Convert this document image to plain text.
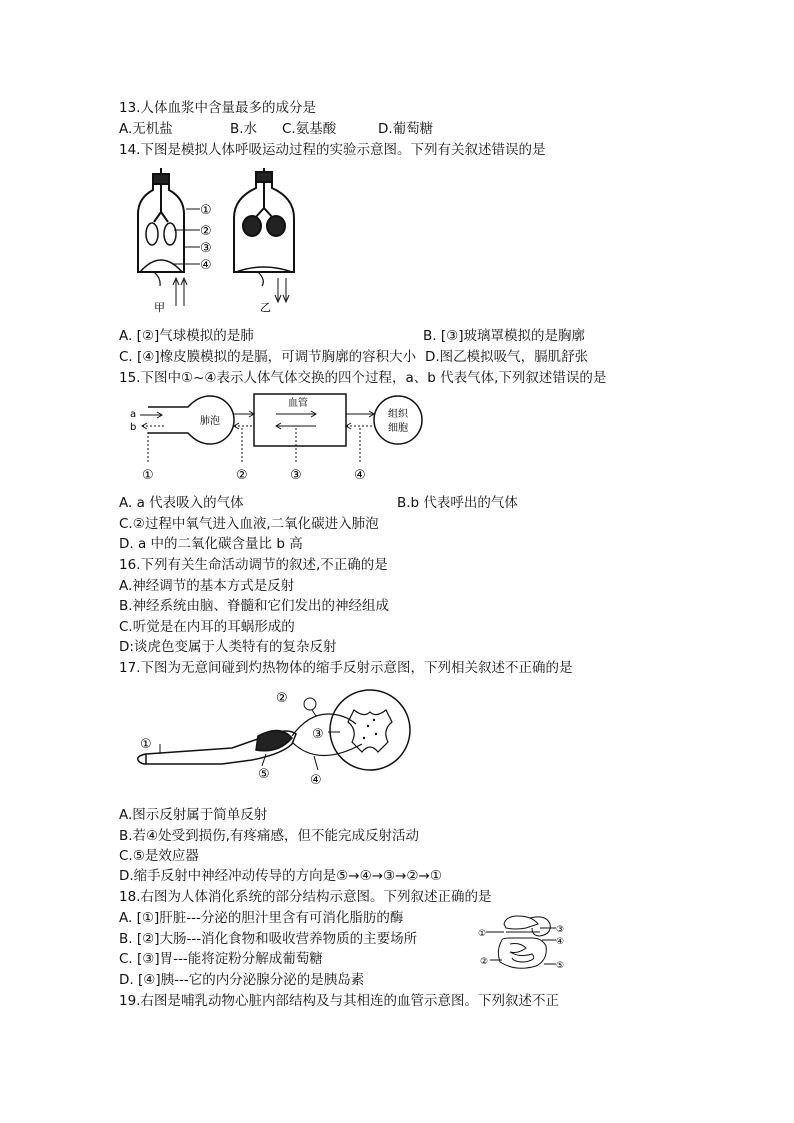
13.人体血浆中含量最多的成分是
A.无机盐	B.水 C.氨基酸	D.葡萄糖
14.下图是模拟人体呼吸运动过程的实验示意图。下列有关叙述错误的是
①
②
③
④
甲	乙
A. [②]气球模拟的是肺	B. [③]玻璃罩模拟的是胸廓
C. [④]橡皮膜模拟的是膈，可调节胸廓的容积大小 D.图乙模拟吸气，膈肌舒张
15.下图中①~④表示人体气体交换的四个过程，a、b 代表气体,下列叙述错误的是
a
b
肺泡
血管
组织
细胞
①	②	③	④
A. a 代表吸入的气体	B.b 代表呼出的气体
C.②过程中氧气进入血液,二氧化碳进入肺泡
D. a 中的二氧化碳含量比 b 高
16.下列有关生命活动调节的叙述,不正确的是
A.神经调节的基本方式是反射
B.神经系统由脑、脊髓和它们发出的神经组成
C.听觉是在内耳的耳蜗形成的
D:谈虎色变属于人类特有的复杂反射
17.下图为无意间碰到灼热物体的缩手反射示意图，下列相关叙述不正确的是
①
②
③
④
⑤
A.图示反射属于简单反射
B.若④处受到损伤,有疼痛感，但不能完成反射活动
C.⑤是效应器
D.缩手反射中神经冲动传导的方向是⑤→④→③→②→①
18.右图为人体消化系统的部分结构示意图。下列叙述正确的是
A. [①]肝脏---分泌的胆汁里含有可消化脂肪的酶
B. [②]大肠---消化食物和吸收营养物质的主要场所
C. [③]胃---能将淀粉分解成葡萄糖
D. [④]胰---它的内分泌腺分泌的是胰岛素
①	③
④
②	⑤
19.右图是哺乳动物心脏内部结构及与其相连的血管示意图。下列叙述不正
